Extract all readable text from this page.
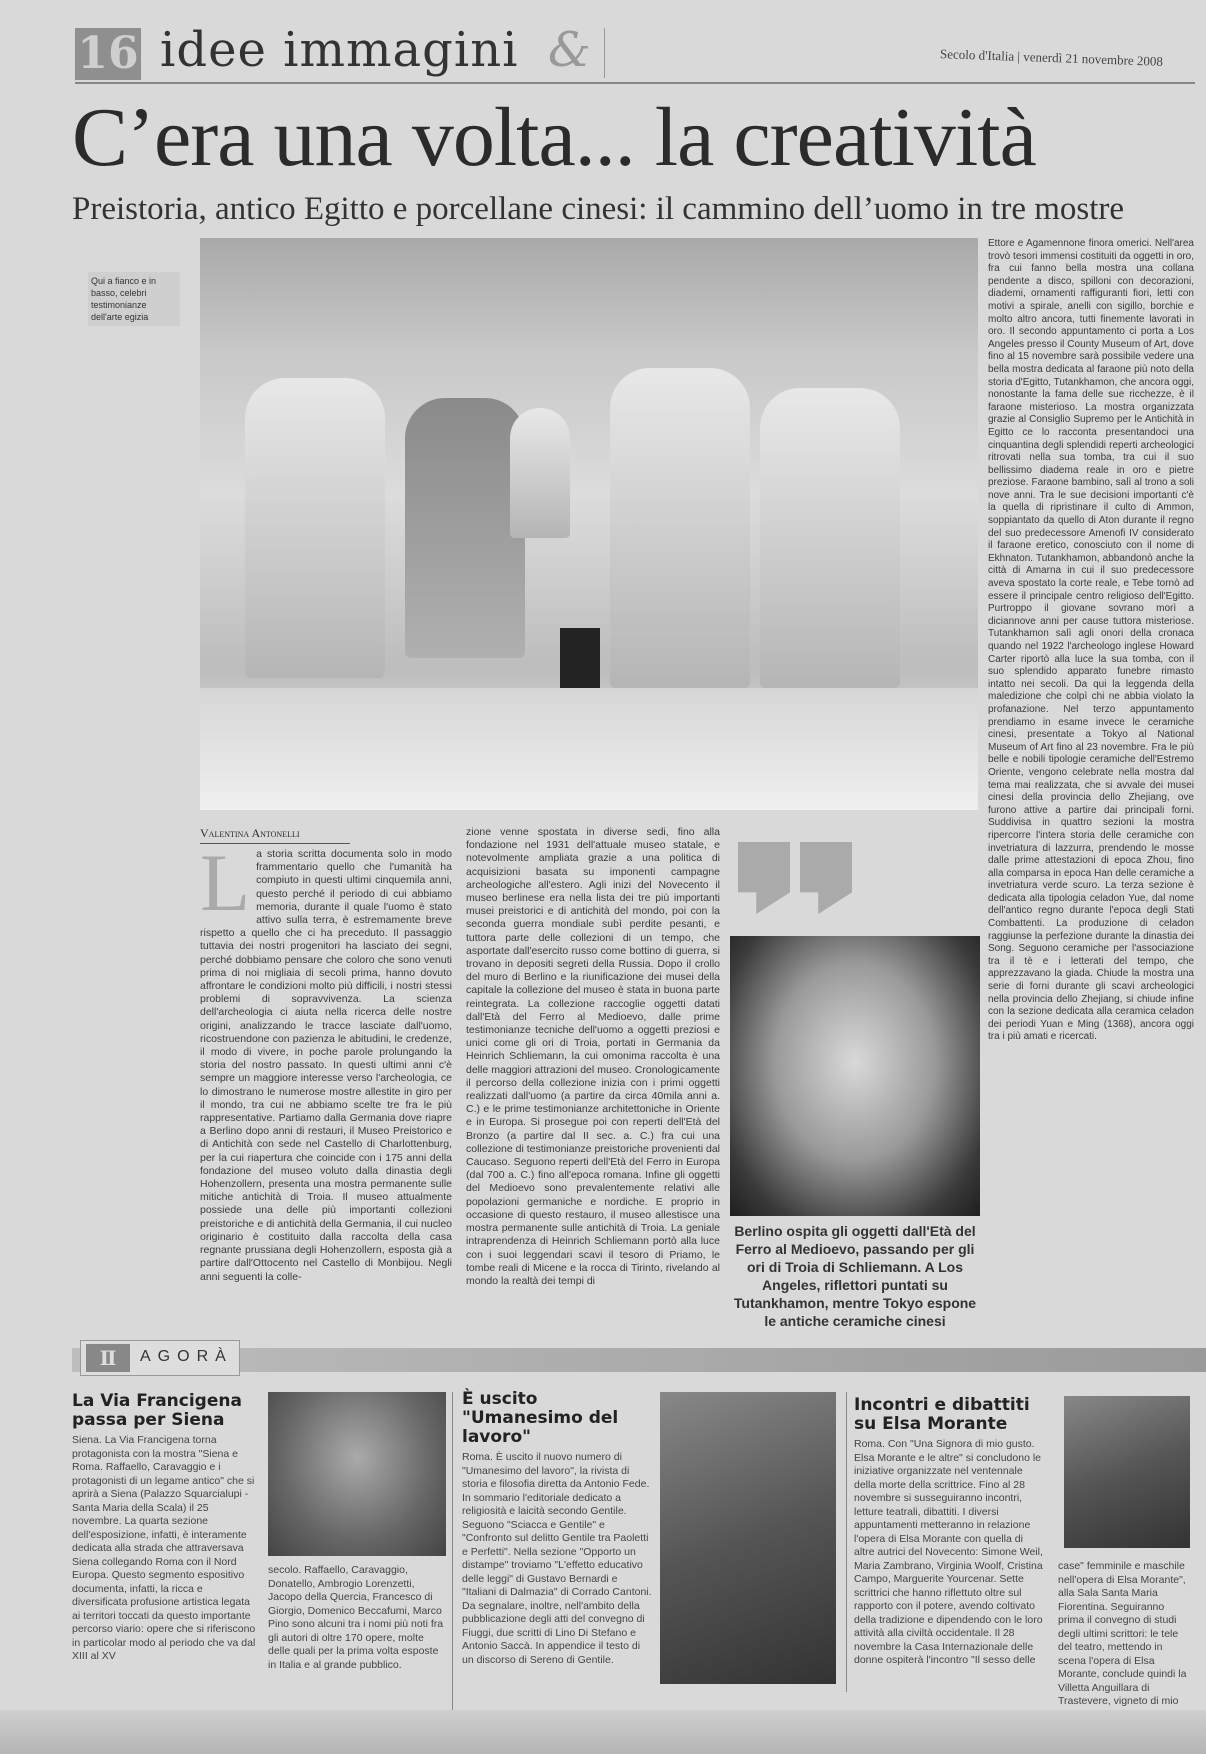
16 idee immagini &	Secolo d'Italia | venerdì 21 novembre 2008
C’era una volta... la creatività
Preistoria, antico Egitto e porcellane cinesi: il cammino dell’uomo in tre mostre
Qui a fianco e in basso, celebri testimonianze dell'arte egizia
Valentina Antonelli
L a storia scritta documenta solo in modo frammentario quello che l'umanità ha compiuto in questi ultimi cinquemila anni, questo perché il periodo di cui abbiamo memoria, durante il quale l'uomo è stato attivo sulla terra, è estremamente breve rispetto a quello che ci ha preceduto. Il passaggio tuttavia dei nostri progenitori ha lasciato dei segni, perché dobbiamo pensare che coloro che sono venuti prima di noi migliaia di secoli prima, hanno dovuto affrontare le condizioni molto più difficili, i nostri stessi problemi di sopravvivenza. La scienza dell'archeologia ci aiuta nella ricerca delle nostre origini, analizzando le tracce lasciate dall'uomo, ricostruendone con pazienza le abitudini, le credenze, il modo di vivere, in poche parole prolungando la storia del nostro passato. In questi ultimi anni c'è sempre un maggiore interesse verso l'archeologia, ce lo dimostrano le numerose mostre allestite in giro per il mondo, tra cui ne abbiamo scelte tre fra le più rappresentative. Partiamo dalla Germania dove riapre a Berlino dopo anni di restauri, il Museo Preistorico e di Antichità con sede nel Castello di Charlottenburg, per la cui riapertura che coincide con i 175 anni della fondazione del museo voluto dalla dinastia degli Hohenzollern, presenta una mostra permanente sulle mitiche antichità di Troia. Il museo attualmente possiede una delle più importanti collezioni preistoriche e di antichità della Germania, il cui nucleo originario è costituito dalla raccolta della casa regnante prussiana degli Hohenzollern, esposta già a partire dall'Ottocento nel Castello di Monbijou. Negli anni seguenti la colle-
zione venne spostata in diverse sedi, fino alla fondazione nel 1931 dell'attuale museo statale, e notevolmente ampliata grazie a una politica di acquisizioni basata su imponenti campagne archeologiche all'estero. Agli inizi del Novecento il museo berlinese era nella lista dei tre più importanti musei preistorici e di antichità del mondo, poi con la seconda guerra mondiale subì perdite pesanti, e tuttora parte delle collezioni di un tempo, che asportate dall'esercito russo come bottino di guerra, si trovano in depositi segreti della Russia. Dopo il crollo del muro di Berlino e la riunificazione dei musei della capitale la collezione del museo è stata in buona parte reintegrata. La collezione raccoglie oggetti datati dall'Età del Ferro al Medioevo, dalle prime testimonianze tecniche dell'uomo a oggetti preziosi e unici come gli ori di Troia, portati in Germania da Heinrich Schliemann, la cui omonima raccolta è una delle maggiori attrazioni del museo. Cronologicamente il percorso della collezione inizia con i primi oggetti realizzati dall'uomo (a partire da circa 40mila anni a. C.) e le prime testimonianze architettoniche in Oriente e in Europa. Si prosegue poi con reperti dell'Età del Bronzo (a partire dal II sec. a. C.) fra cui una collezione di testimonianze preistoriche provenienti dal Caucaso. Seguono reperti dell'Età del Ferro in Europa (dal 700 a. C.) fino all'epoca romana. Infine gli oggetti del Medioevo sono prevalentemente relativi alle popolazioni germaniche e nordiche. E proprio in occasione di questo restauro, il museo allestisce una mostra permanente sulle antichità di Troia. La geniale intraprendenza di Heinrich Schliemann portò alla luce con i suoi leggendari scavi il tesoro di Priamo, le tombe reali di Micene e la rocca di Tirinto, rivelando al mondo la realtà dei tempi di
Berlino ospita gli oggetti dall'Età del Ferro al Medioevo, passando per gli ori di Troia di Schliemann. A Los Angeles, riflettori puntati su Tutankhamon, mentre Tokyo espone le antiche ceramiche cinesi
Ettore e Agamennone finora omerici. Nell'area trovò tesori immensi costituiti da oggetti in oro, fra cui fanno bella mostra una collana pendente a disco, spilloni con decorazioni, diademi, ornamenti raffiguranti fiori, letti con motivi a spirale, anelli con sigillo, borchie e molto altro ancora, tutti finemente lavorati in oro. Il secondo appuntamento ci porta a Los Angeles presso il County Museum of Art, dove fino al 15 novembre sarà possibile vedere una bella mostra dedicata al faraone più noto della storia d'Egitto, Tutankhamon, che ancora oggi, nonostante la fama delle sue ricchezze, è il faraone misterioso. La mostra organizzata grazie al Consiglio Supremo per le Antichità in Egitto ce lo racconta presentandoci una cinquantina degli splendidi reperti archeologici ritrovati nella sua tomba, tra cui il suo bellissimo diadema reale in oro e pietre preziose. Faraone bambino, salì al trono a soli nove anni. Tra le sue decisioni importanti c'è la quella di ripristinare il culto di Ammon, soppiantato da quello di Aton durante il regno del suo predecessore Amenofi IV considerato il faraone eretico, conosciuto con il nome di Ekhnaton. Tutankhamon, abbandonò anche la città di Amarna in cui il suo predecessore aveva spostato la corte reale, e Tebe tornò ad essere il principale centro religioso dell'Egitto. Purtroppo il giovane sovrano morì a diciannove anni per cause tuttora misteriose. Tutankhamon salì agli onori della cronaca quando nel 1922 l'archeologo inglese Howard Carter riportò alla luce la sua tomba, con il suo splendido apparato funebre rimasto intatto nei secoli. Da qui la leggenda della maledizione che colpì chi ne abbia violato la profanazione. Nel terzo appuntamento prendiamo in esame invece le ceramiche cinesi, presentate a Tokyo al National Museum of Art fino al 23 novembre. Fra le più belle e nobili tipologie ceramiche dell'Estremo Oriente, vengono celebrate nella mostra dal tema mai realizzata, che si avvale dei musei cinesi della provincia dello Zhejiang, ove furono attive a partire dai principali forni. Suddivisa in quattro sezioni la mostra ripercorre l'intera storia delle ceramiche con invetriatura di lazzurra, prendendo le mosse dalle prime attestazioni di epoca Zhou, fino alla comparsa in epoca Han delle ceramiche a invetriatura verde scuro. La terza sezione è dedicata alla tipologia celadon Yue, dal nome dell'antico regno durante l'epoca degli Stati Combattenti. La produzione di celadon raggiunse la perfezione durante la dinastia dei Song. Seguono ceramiche per l'associazione tra il tè e i letterati del tempo, che apprezzavano la giada. Chiude la mostra una serie di forni durante gli scavi archeologici nella provincia dello Zhejiang, si chiude infine con la sezione dedicata alla ceramica celadon dei periodi Yuan e Ming (1368), ancora oggi tra i più amati e ricercati.
Ⅱ	AGORÀ
La Via Francigena passa per Siena
Siena. La Via Francigena torna protagonista con la mostra "Siena e Roma. Raffaello, Caravaggio e i protagonisti di un legame antico" che si aprirà a Siena (Palazzo Squarcialupi - Santa Maria della Scala) il 25 novembre. La quarta sezione dell'esposizione, infatti, è interamente dedicata alla strada che attraversava Siena collegando Roma con il Nord Europa. Questo segmento espositivo documenta, infatti, la ricca e diversificata profusione artistica legata ai territori toccati da questo importante percorso viario: opere che si riferiscono in particolar modo al periodo che va dal XIII al XV
secolo. Raffaello, Caravaggio, Donatello, Ambrogio Lorenzetti, Jacopo della Quercia, Francesco di Giorgio, Domenico Beccafumi, Marco Pino sono alcuni tra i nomi più noti fra gli autori di oltre 170 opere, molte delle quali per la prima volta esposte in Italia e al grande pubblico.
È uscito "Umanesimo del lavoro"
Roma. È uscito il nuovo numero di "Umanesimo del lavoro", la rivista di storia e filosofia diretta da Antonio Fede. In sommario l'editoriale dedicato a religiosità e laicità secondo Gentile. Seguono "Sciacca e Gentile" e "Confronto sul delitto Gentile tra Paoletti e Perfetti". Nella sezione "Opporto un distampe" troviamo "L'effetto educativo delle leggi" di Gustavo Bernardi e "Italiani di Dalmazia" di Corrado Cantoni. Da segnalare, inoltre, nell'ambito della pubblicazione degli atti del convegno di Fiuggi, due scritti di Lino Di Stefano e Antonio Saccà. In appendice il testo di un discorso di Sereno di Gentile.
Incontri e dibattiti su Elsa Morante
Roma. Con "Una Signora di mio gusto. Elsa Morante e le altre" si concludono le iniziative organizzate nel ventennale della morte della scrittrice. Fino al 28 novembre si susseguiranno incontri, letture teatrali, dibattiti. I diversi appuntamenti metteranno in relazione l'opera di Elsa Morante con quella di altre autrici del Novecento: Simone Weil, Maria Zambrano, Virginia Woolf, Cristina Campo, Marguerite Yourcenar. Sette scrittrici che hanno riflettuto oltre sul rapporto con il potere, avendo coltivato della tradizione e dipendendo con le loro attività alla civiltà occidentale. Il 28 novembre la Casa Internazionale delle donne ospiterà l'incontro "Il sesso delle
case" femminile e maschile nell'opera di Elsa Morante", alla Sala Santa Maria Fiorentina. Seguiranno prima il convegno di studi degli ultimi scrittori: le tele del teatro, mettendo in scena l'opera di Elsa Morante, conclude quindi la Villetta Anguillara di Trastevere, vigneto di mio
